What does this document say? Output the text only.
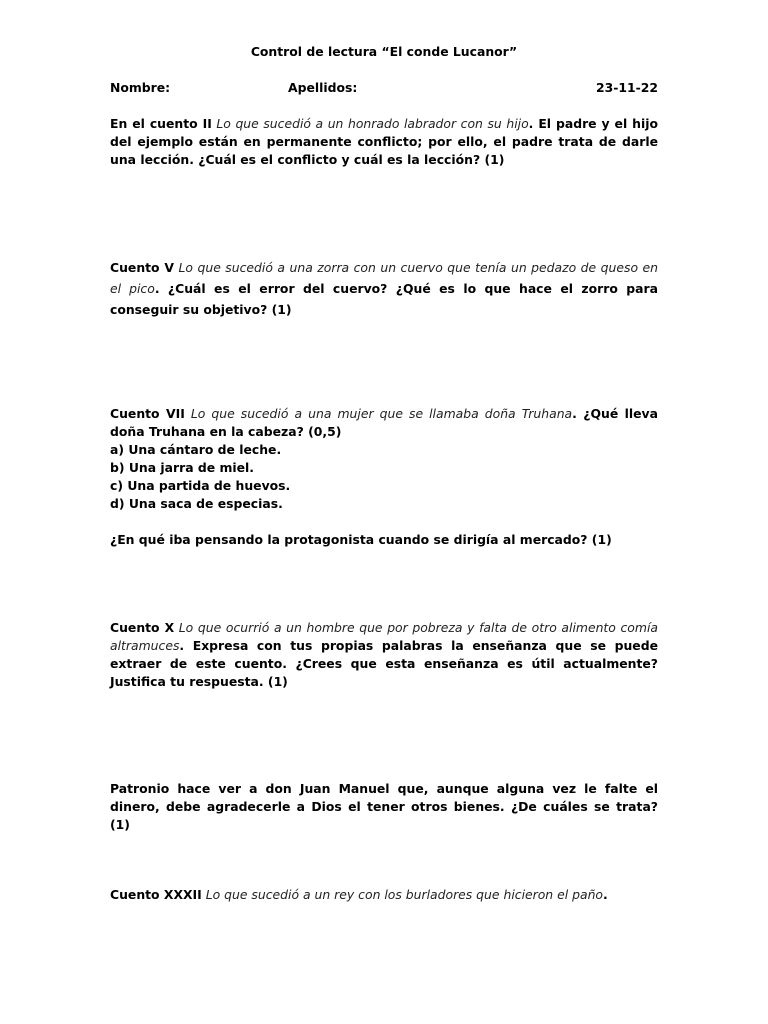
Control de lectura “El conde Lucanor”
Nombre:	Apellidos:	23-11-22
En el cuento II Lo que sucedió a un honrado labrador con su hijo. El padre y el hijo del ejemplo están en permanente conflicto; por ello, el padre trata de darle una lección. ¿Cuál es el conflicto y cuál es la lección? (1)
Cuento V Lo que sucedió a una zorra con un cuervo que tenía un pedazo de queso en el pico. ¿Cuál es el error del cuervo? ¿Qué es lo que hace el zorro para conseguir su objetivo? (1)
Cuento VII Lo que sucedió a una mujer que se llamaba doña Truhana. ¿Qué lleva doña Truhana en la cabeza? (0,5)
a) Una cántaro de leche.
b) Una jarra de miel.
c) Una partida de huevos.
d) Una saca de especias.
¿En qué iba pensando la protagonista cuando se dirigía al mercado? (1)
Cuento X Lo que ocurrió a un hombre que por pobreza y falta de otro alimento comía altramuces. Expresa con tus propias palabras la enseñanza que se puede extraer de este cuento. ¿Crees que esta enseñanza es útil actualmente? Justifica tu respuesta. (1)
Patronio hace ver a don Juan Manuel que, aunque alguna vez le falte el dinero, debe agradecerle a Dios el tener otros bienes. ¿De cuáles se trata? (1)
Cuento XXXII Lo que sucedió a un rey con los burladores que hicieron el paño.
